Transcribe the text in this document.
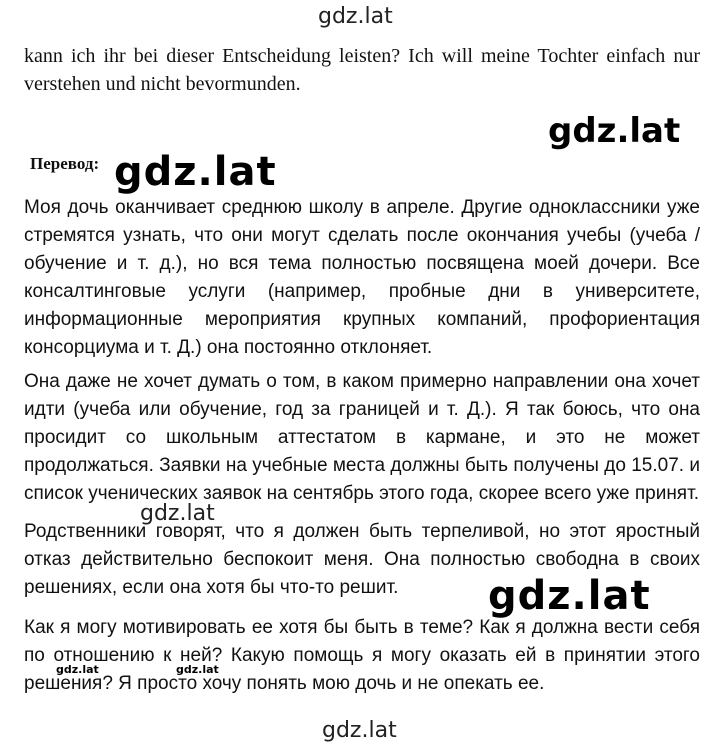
gdz.lat

kann ich ihr bei dieser Entscheidung leisten? Ich will meine Tochter einfach nur verstehen und nicht bevormunden.

gdz.lat

Перевод: gdz.lat

Моя дочь оканчивает среднюю школу в апреле. Другие одноклассники уже стремятся узнать, что они могут сделать после окончания учебы (учеба / обучение и т. д.), но вся тема полностью посвящена моей дочери. Все консалтинговые услуги (например, пробные дни в университете, информационные мероприятия крупных компаний, профориентация консорциума и т. Д.) она постоянно отклоняет.

Она даже не хочет думать о том, в каком примерно направлении она хочет идти (учеба или обучение, год за границей и т. Д.). Я так боюсь, что она просидит со школьным аттестатом в кармане, и это не может продолжаться. Заявки на учебные места должны быть получены до 15.07. и список ученических заявок на сентябрь этого года, скорее всего уже принят.

Родственники говорят, что я должен быть терпеливой, но этот яростный отказ действительно беспокоит меня. Она полностью свободна в своих решениях, если она хотя бы что-то решит.

Как я могу мотивировать ее хотя бы быть в теме? Как я должна вести себя по отношению к ней? Какую помощь я могу оказать ей в принятии этого решения? Я просто хочу понять мою дочь и не опекать ее.

gdz.lat
gdz.lat
gdz.lat	gdz.lat
gdz.lat
